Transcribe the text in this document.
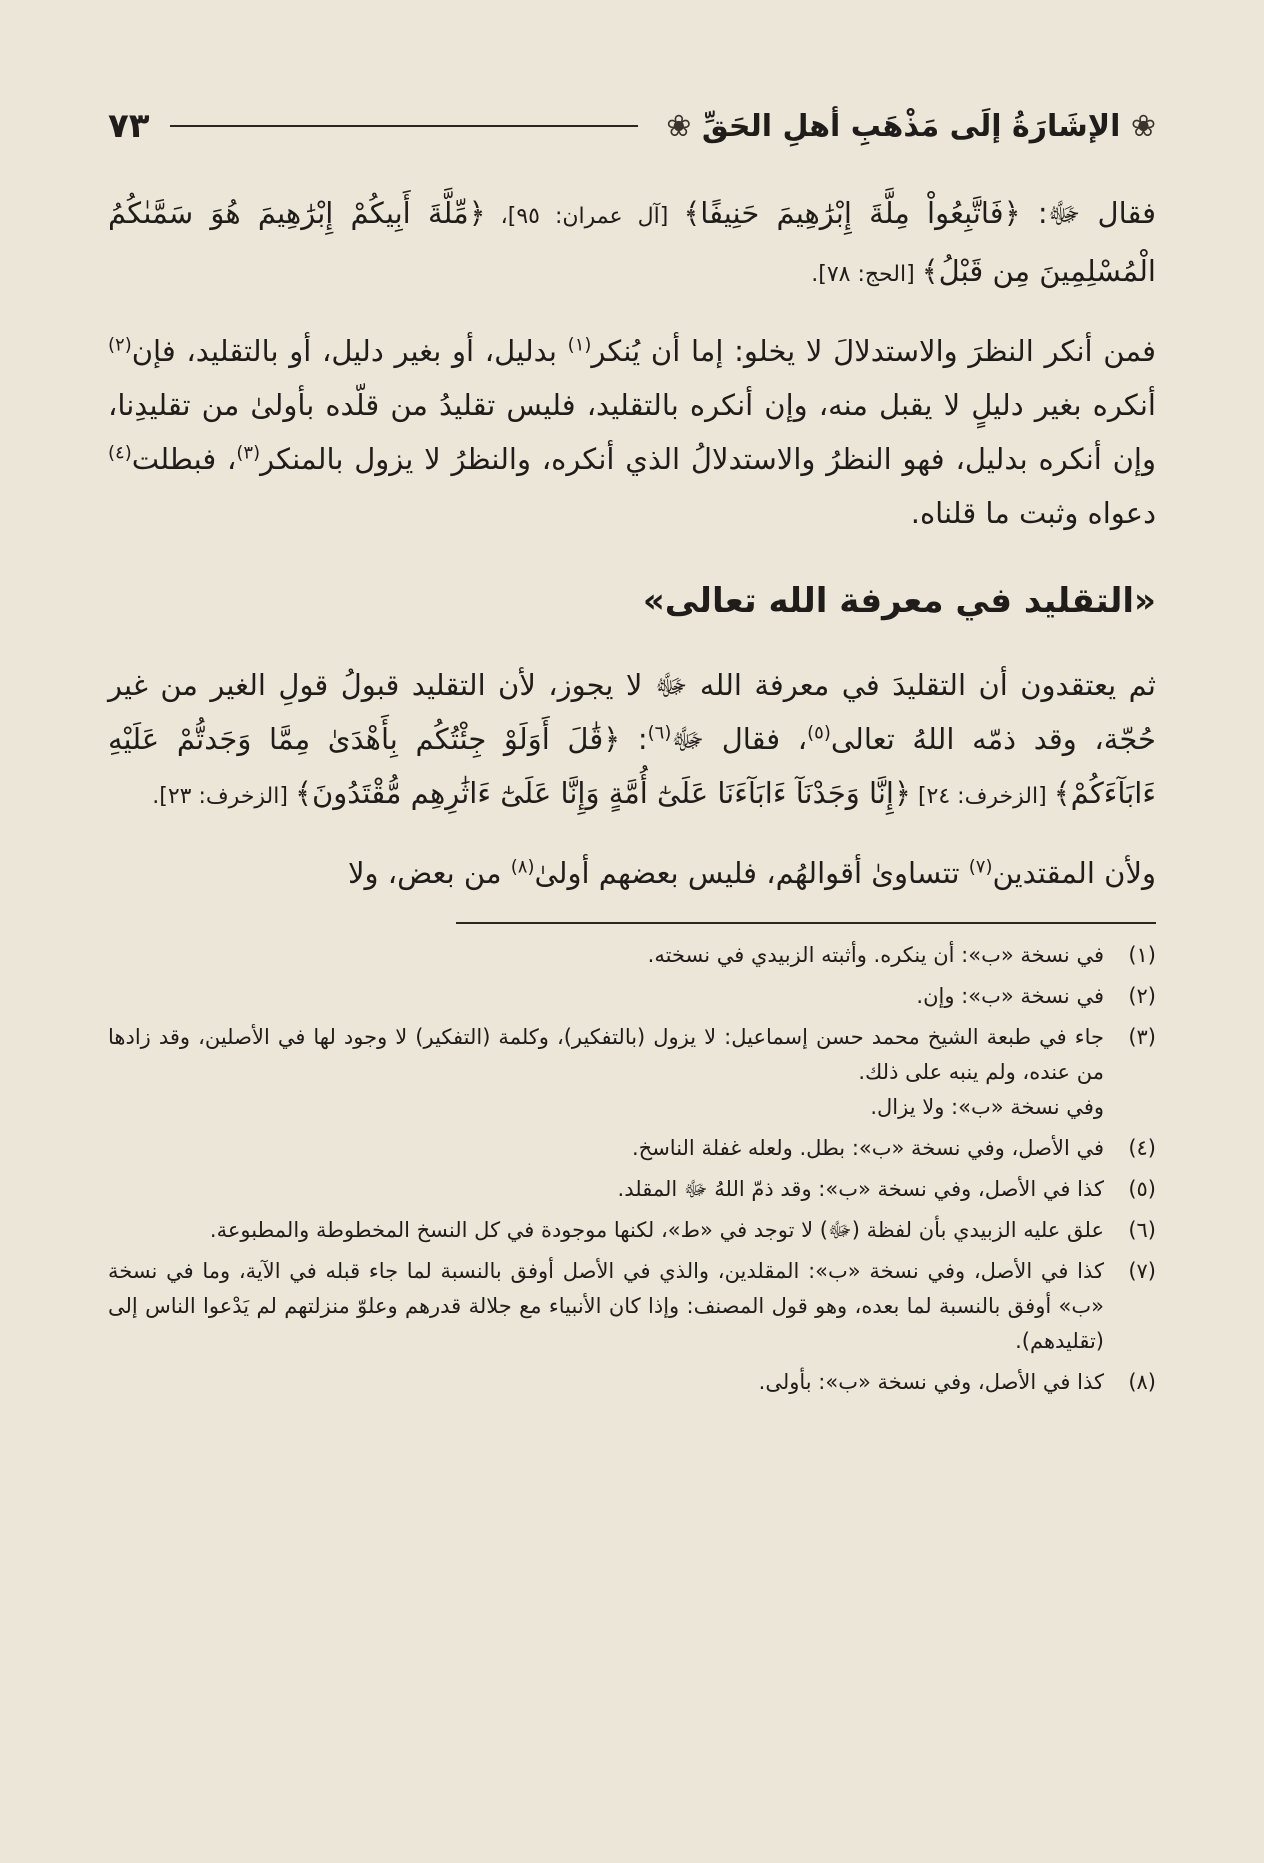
❀ الإشَارَةُ إلَى مَذْهَبِ أهلِ الحَقِّ ❀
٧٣

فقال ﷻ: ﴿فَاتَّبِعُواْ مِلَّةَ إِبْرَٰهِيمَ حَنِيفًا﴾ [آل عمران: ٩٥]، ﴿مِّلَّةَ أَبِيكُمْ إِبْرَٰهِيمَ هُوَ سَمَّىٰكُمُ الْمُسْلِمِينَ مِن قَبْلُ﴾ [الحج: ٧٨].

فمن أنكر النظرَ والاستدلالَ لا يخلو: إما أن يُنكر$^{(١)}$ بدليل، أو بغير دليل، أو بالتقليد، فإن$^{(٢)}$ أنكره بغير دليلٍ لا يقبل منه، وإن أنكره بالتقليد، فليس تقليدُ من قلّده بأولىٰ من تقليدِنا، وإن أنكره بدليل، فهو النظرُ والاستدلالُ الذي أنكره، والنظرُ لا يزول بالمنكر$^{(٣)}$، فبطلت$^{(٤)}$ دعواه وثبت ما قلناه.

«التقليد في معرفة الله تعالى»

ثم يعتقدون أن التقليدَ في معرفة الله ﷻ لا يجوز، لأن التقليد قبولُ قولِ الغير من غير حُجّة، وقد ذمّه اللهُ تعالى$^{(٥)}$، فقال ﷻ$^{(٦)}$: ﴿قَٰلَ أَوَلَوْ جِئْتُكُم بِأَهْدَىٰ مِمَّا وَجَدتُّمْ عَلَيْهِ ءَابَآءَكُمْ﴾ [الزخرف: ٢٤] ﴿إِنَّا وَجَدْنَآ ءَابَآءَنَا عَلَىٰٓ أُمَّةٍ وَإِنَّا عَلَىٰٓ ءَاثَٰرِهِم مُّقْتَدُونَ﴾ [الزخرف: ٢٣].

ولأن المقتدين$^{(٧)}$ تتساوىٰ أقوالهُم، فليس بعضهم أولىٰ$^{(٨)}$ من بعض، ولا

(١)
في نسخة «ب»: أن ينكره. وأثبته الزبيدي في نسخته.
(٢)
في نسخة «ب»: وإن.
(٣)
جاء في طبعة الشيخ محمد حسن إسماعيل: لا يزول (بالتفكير)، وكلمة (التفكير) لا وجود لها في الأصلين، وقد زادها من عنده، ولم ينبه على ذلك.
وفي نسخة «ب»: ولا يزال.
(٤)
في الأصل، وفي نسخة «ب»: بطل. ولعله غفلة الناسخ.
(٥)
كذا في الأصل، وفي نسخة «ب»: وقد ذمّ اللهُ ﷻ المقلد.
(٦)
علق عليه الزبيدي بأن لفظة (ﷻ) لا توجد في «ط»، لكنها موجودة في كل النسخ المخطوطة والمطبوعة.
(٧)
كذا في الأصل، وفي نسخة «ب»: المقلدين، والذي في الأصل أوفق بالنسبة لما جاء قبله في الآية، وما في نسخة «ب» أوفق بالنسبة لما بعده، وهو قول المصنف: وإذا كان الأنبياء مع جلالة قدرهم وعلوّ منزلتهم لم يَدْعوا الناس إلى (تقليدهم).
(٨)
كذا في الأصل، وفي نسخة «ب»: بأولى.
